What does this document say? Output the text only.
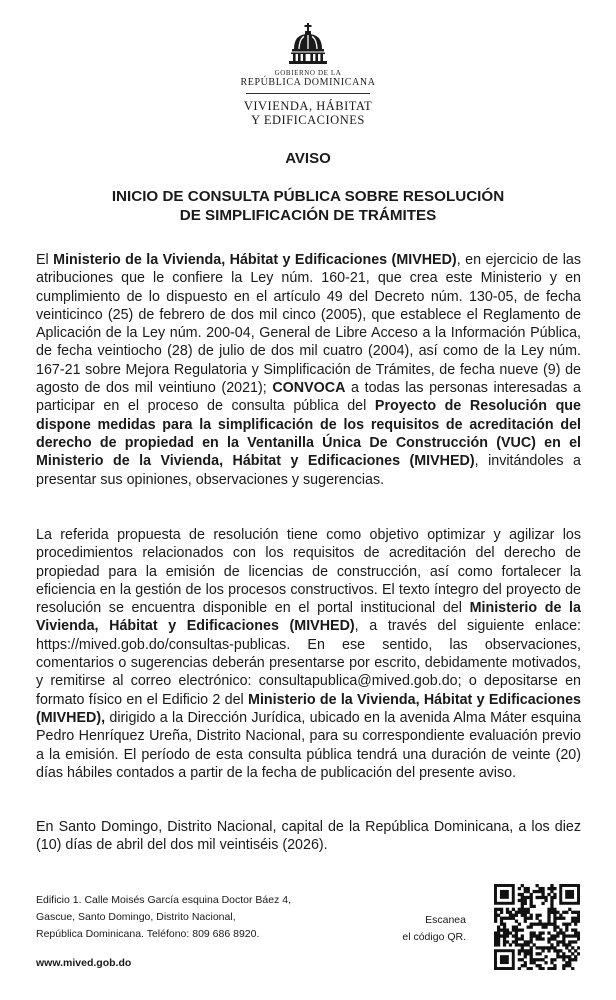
GOBIERNO DE LA
REPÚBLICA DOMINICANA
VIVIENDA, HÁBITAT
Y EDIFICACIONES
AVISO
INICIO DE CONSULTA PÚBLICA SOBRE RESOLUCIÓN
DE SIMPLIFICACIÓN DE TRÁMITES

El Ministerio de la Vivienda, Hábitat y Edificaciones (MIVHED), en ejercicio de las atribuciones que le confiere la Ley núm. 160-21, que crea este Ministerio y en cumplimiento de lo dispuesto en el artículo 49 del Decreto núm. 130-05, de fecha veinticinco (25) de febrero de dos mil cinco (2005), que establece el Reglamento de Aplicación de la Ley núm. 200-04, General de Libre Acceso a la Información Pública, de fecha veintiocho (28) de julio de dos mil cuatro (2004), así como de la Ley núm. 167-21 sobre Mejora Regulatoria y Simplificación de Trámites, de fecha nueve (9) de agosto de dos mil veintiuno (2021); CONVOCA a todas las personas interesadas a participar en el proceso de consulta pública del Proyecto de Resolución que dispone medidas para la simplificación de los requisitos de acreditación del derecho de propiedad en la Ventanilla Única De Construcción (VUC) en el Ministerio de la Vivienda, Hábitat y Edificaciones (MIVHED), invitándoles a presentar sus opiniones, observaciones y sugerencias.

La referida propuesta de resolución tiene como objetivo optimizar y agilizar los procedimientos relacionados con los requisitos de acreditación del derecho de propiedad para la emisión de licencias de construcción, así como fortalecer la eficiencia en la gestión de los procesos constructivos. El texto íntegro del proyecto de resolución se encuentra disponible en el portal institucional del Ministerio de la Vivienda, Hábitat y Edificaciones (MIVHED), a través del siguiente enlace: https://mived.gob.do/consultas-publicas. En ese sentido, las observaciones, comentarios o sugerencias deberán presentarse por escrito, debidamente motivados, y remitirse al correo electrónico: consultapublica@mived.gob.do; o depositarse en formato físico en el Edificio 2 del Ministerio de la Vivienda, Hábitat y Edificaciones (MIVHED), dirigido a la Dirección Jurídica, ubicado en la avenida Alma Máter esquina Pedro Henríquez Ureña, Distrito Nacional, para su correspondiente evaluación previo a la emisión. El período de esta consulta pública tendrá una duración de veinte (20) días hábiles contados a partir de la fecha de publicación del presente aviso.

En Santo Domingo, Distrito Nacional, capital de la República Dominicana, a los diez (10) días de abril del dos mil veintiséis (2026).

Edificio 1. Calle Moisés García esquina Doctor Báez 4,
Gascue, Santo Domingo, Distrito Nacional,
República Dominicana. Teléfono: 809 686 8920.
www.mived.gob.do
Escanea
el código QR.
